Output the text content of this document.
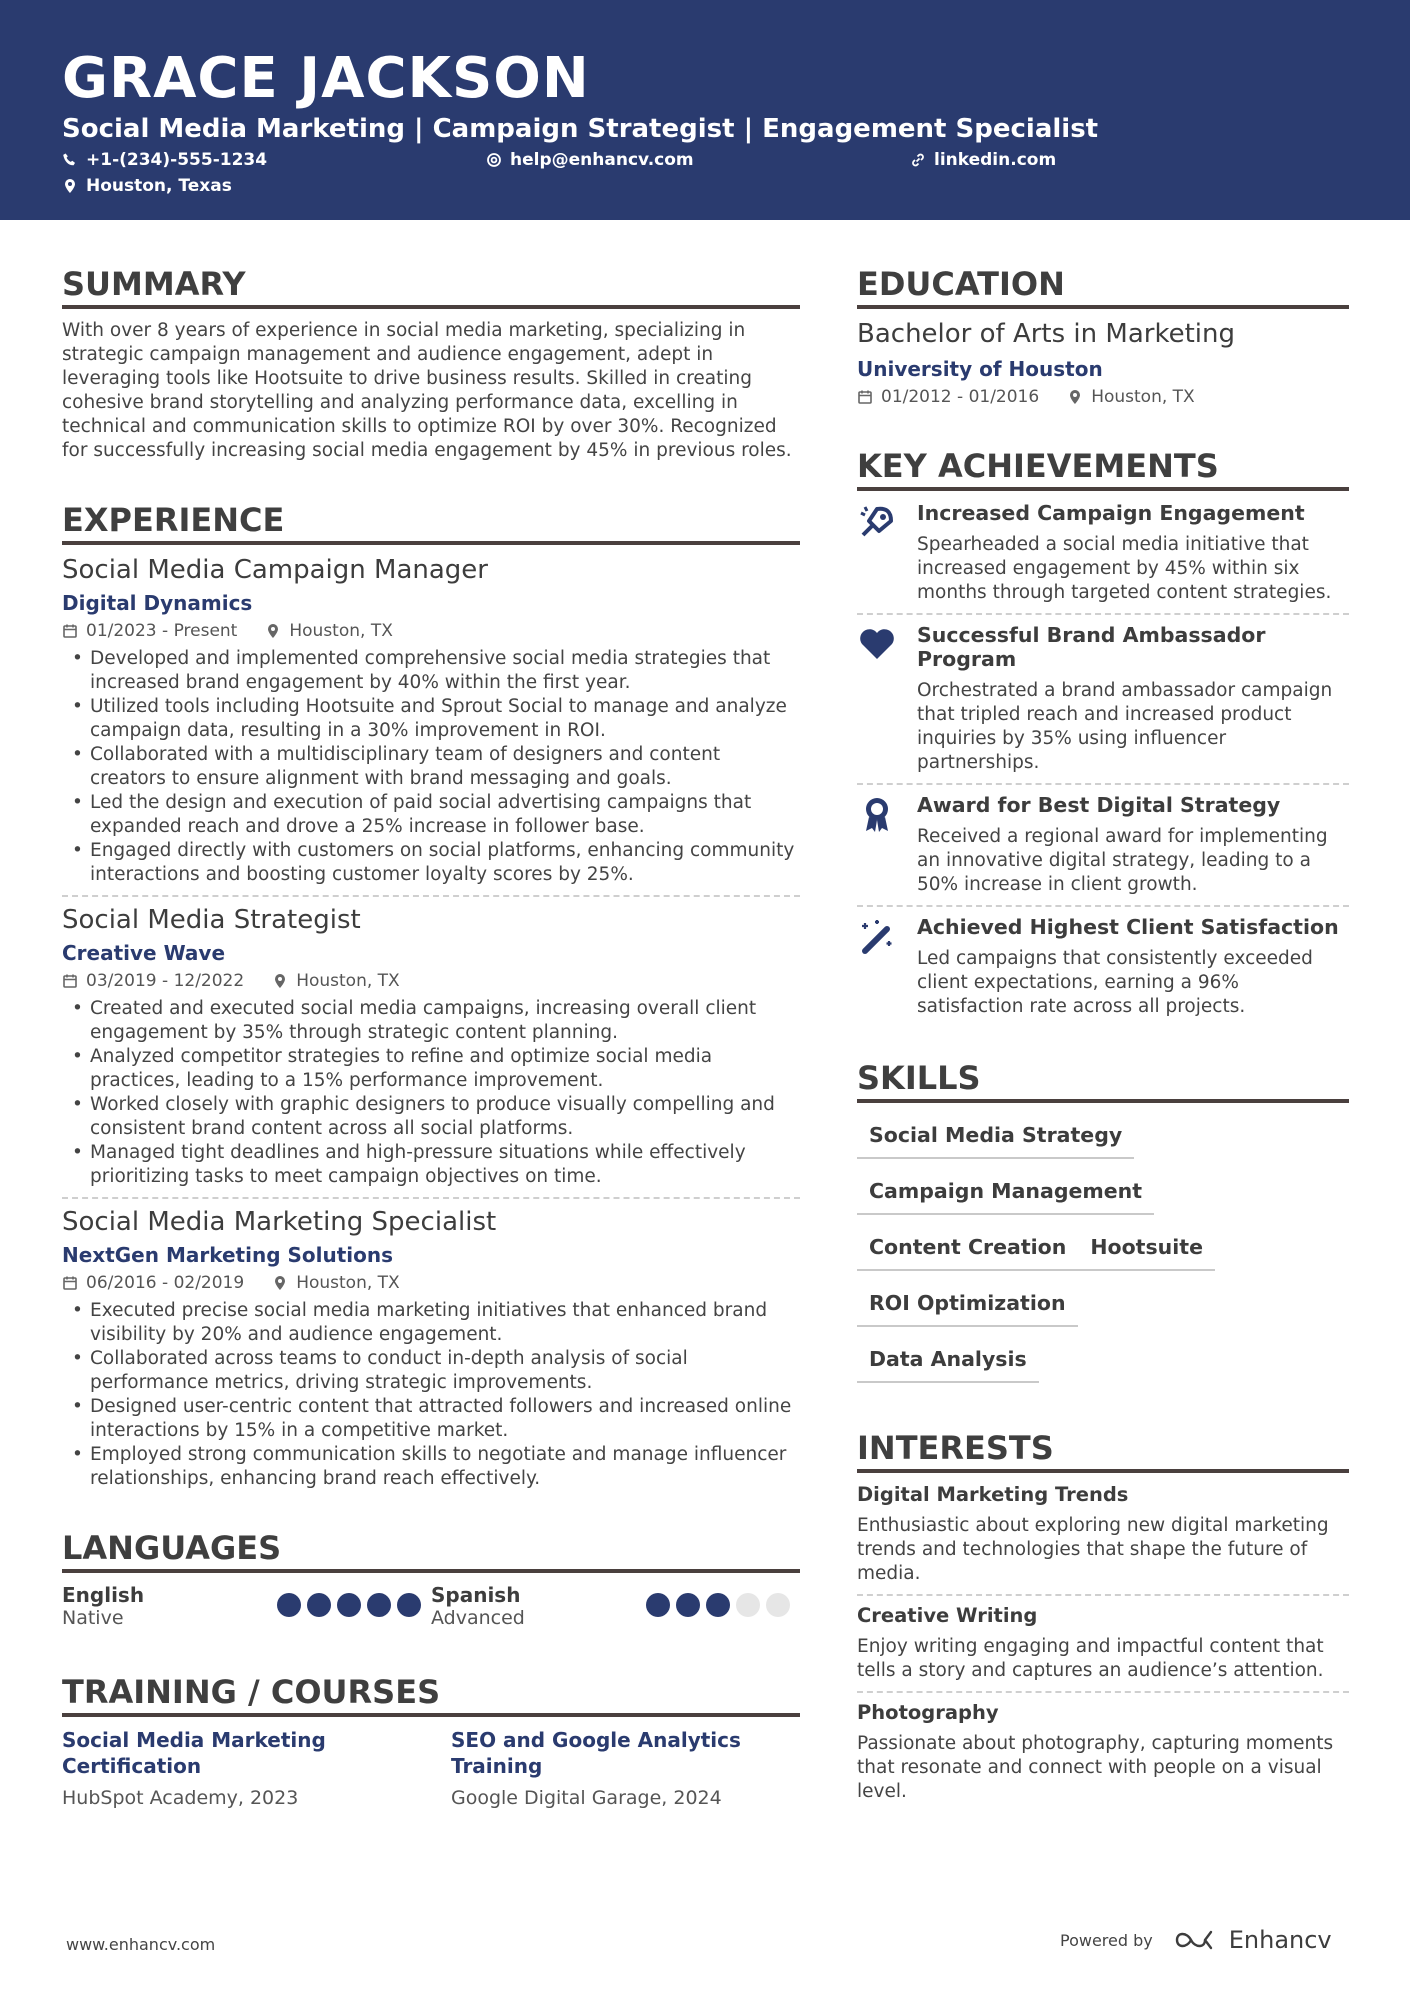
GRACE JACKSON
Social Media Marketing | Campaign Strategist | Engagement Specialist
+1-(234)-555-1234	help@enhancv.com	linkedin.com
Houston, Texas
SUMMARY
With over 8 years of experience in social media marketing, specializing in strategic campaign management and audience engagement, adept in leveraging tools like Hootsuite to drive business results. Skilled in creating cohesive brand storytelling and analyzing performance data, excelling in technical and communication skills to optimize ROI by over 30%. Recognized for successfully increasing social media engagement by 45% in previous roles.
EXPERIENCE
Social Media Campaign Manager
Digital Dynamics
01/2023 - Present	Houston, TX
• Developed and implemented comprehensive social media strategies that increased brand engagement by 40% within the first year.
• Utilized tools including Hootsuite and Sprout Social to manage and analyze campaign data, resulting in a 30% improvement in ROI.
• Collaborated with a multidisciplinary team of designers and content creators to ensure alignment with brand messaging and goals.
• Led the design and execution of paid social advertising campaigns that expanded reach and drove a 25% increase in follower base.
• Engaged directly with customers on social platforms, enhancing community interactions and boosting customer loyalty scores by 25%.
Social Media Strategist
Creative Wave
03/2019 - 12/2022	Houston, TX
• Created and executed social media campaigns, increasing overall client engagement by 35% through strategic content planning.
• Analyzed competitor strategies to refine and optimize social media practices, leading to a 15% performance improvement.
• Worked closely with graphic designers to produce visually compelling and consistent brand content across all social platforms.
• Managed tight deadlines and high-pressure situations while effectively prioritizing tasks to meet campaign objectives on time.
Social Media Marketing Specialist
NextGen Marketing Solutions
06/2016 - 02/2019	Houston, TX
• Executed precise social media marketing initiatives that enhanced brand visibility by 20% and audience engagement.
• Collaborated across teams to conduct in-depth analysis of social performance metrics, driving strategic improvements.
• Designed user-centric content that attracted followers and increased online interactions by 15% in a competitive market.
• Employed strong communication skills to negotiate and manage influencer relationships, enhancing brand reach effectively.
LANGUAGES
English
Native
Spanish
Advanced
TRAINING / COURSES
Social Media Marketing Certification
HubSpot Academy, 2023
SEO and Google Analytics Training
Google Digital Garage, 2024
EDUCATION
Bachelor of Arts in Marketing
University of Houston
01/2012 - 01/2016	Houston, TX
KEY ACHIEVEMENTS
Increased Campaign Engagement
Spearheaded a social media initiative that increased engagement by 45% within six months through targeted content strategies.
Successful Brand Ambassador Program
Orchestrated a brand ambassador campaign that tripled reach and increased product inquiries by 35% using influencer partnerships.
Award for Best Digital Strategy
Received a regional award for implementing an innovative digital strategy, leading to a 50% increase in client growth.
Achieved Highest Client Satisfaction
Led campaigns that consistently exceeded client expectations, earning a 96% satisfaction rate across all projects.
SKILLS
Social Media Strategy
Campaign Management
Content Creation	Hootsuite
ROI Optimization
Data Analysis
INTERESTS
Digital Marketing Trends
Enthusiastic about exploring new digital marketing trends and technologies that shape the future of media.
Creative Writing
Enjoy writing engaging and impactful content that tells a story and captures an audience’s attention.
Photography
Passionate about photography, capturing moments that resonate and connect with people on a visual level.
www.enhancv.com	Powered by	Enhancv
